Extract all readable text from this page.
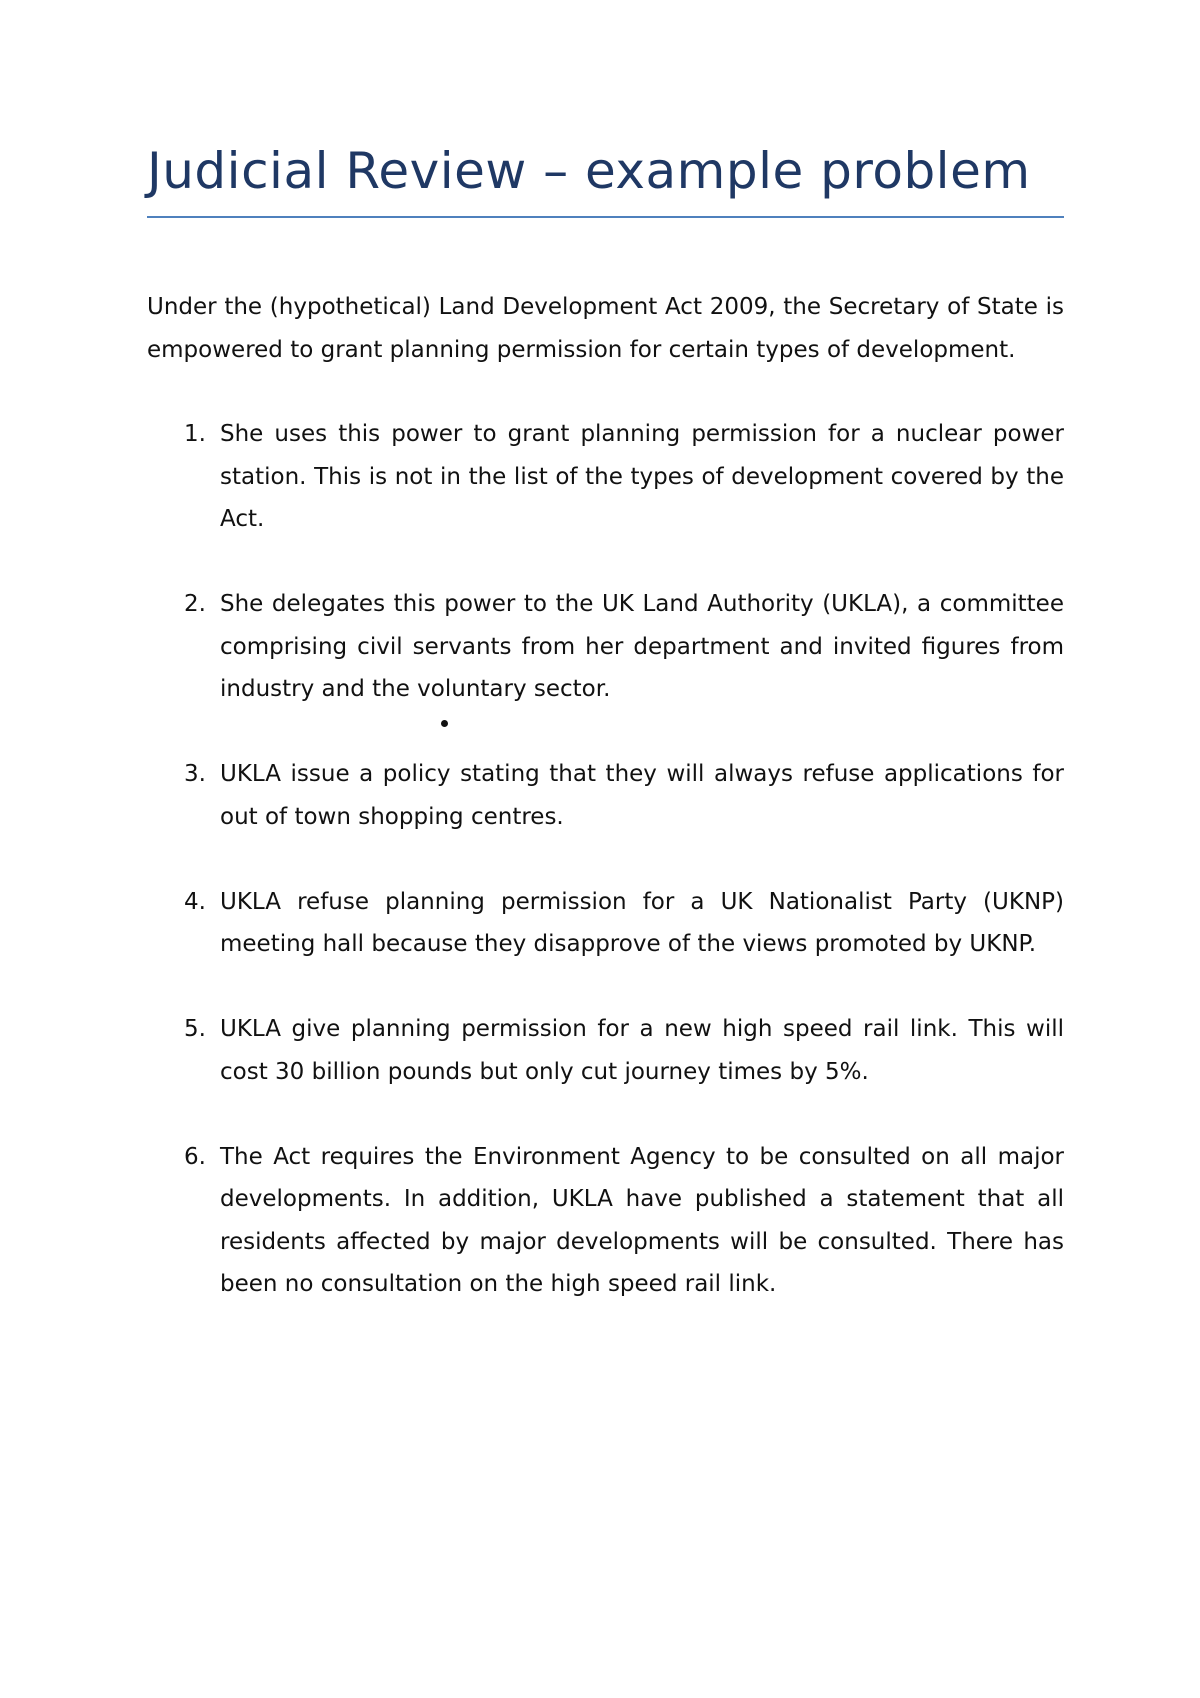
Judicial Review – example problem

Under the (hypothetical) Land Development Act 2009, the Secretary of State is empowered to grant planning permission for certain types of development.

1. She uses this power to grant planning permission for a nuclear power station. This is not in the list of the types of development covered by the Act.
2. She delegates this power to the UK Land Authority (UKLA), a committee comprising civil servants from her department and invited figures from industry and the voluntary sector.
3. UKLA issue a policy stating that they will always refuse applications for out of town shopping centres.
4. UKLA refuse planning permission for a UK Nationalist Party (UKNP) meeting hall because they disapprove of the views promoted by UKNP.
5. UKLA give planning permission for a new high speed rail link. This will cost 30 billion pounds but only cut journey times by 5%.
6. The Act requires the Environment Agency to be consulted on all major developments. In addition, UKLA have published a statement that all residents affected by major developments will be consulted. There has been no consultation on the high speed rail link.
